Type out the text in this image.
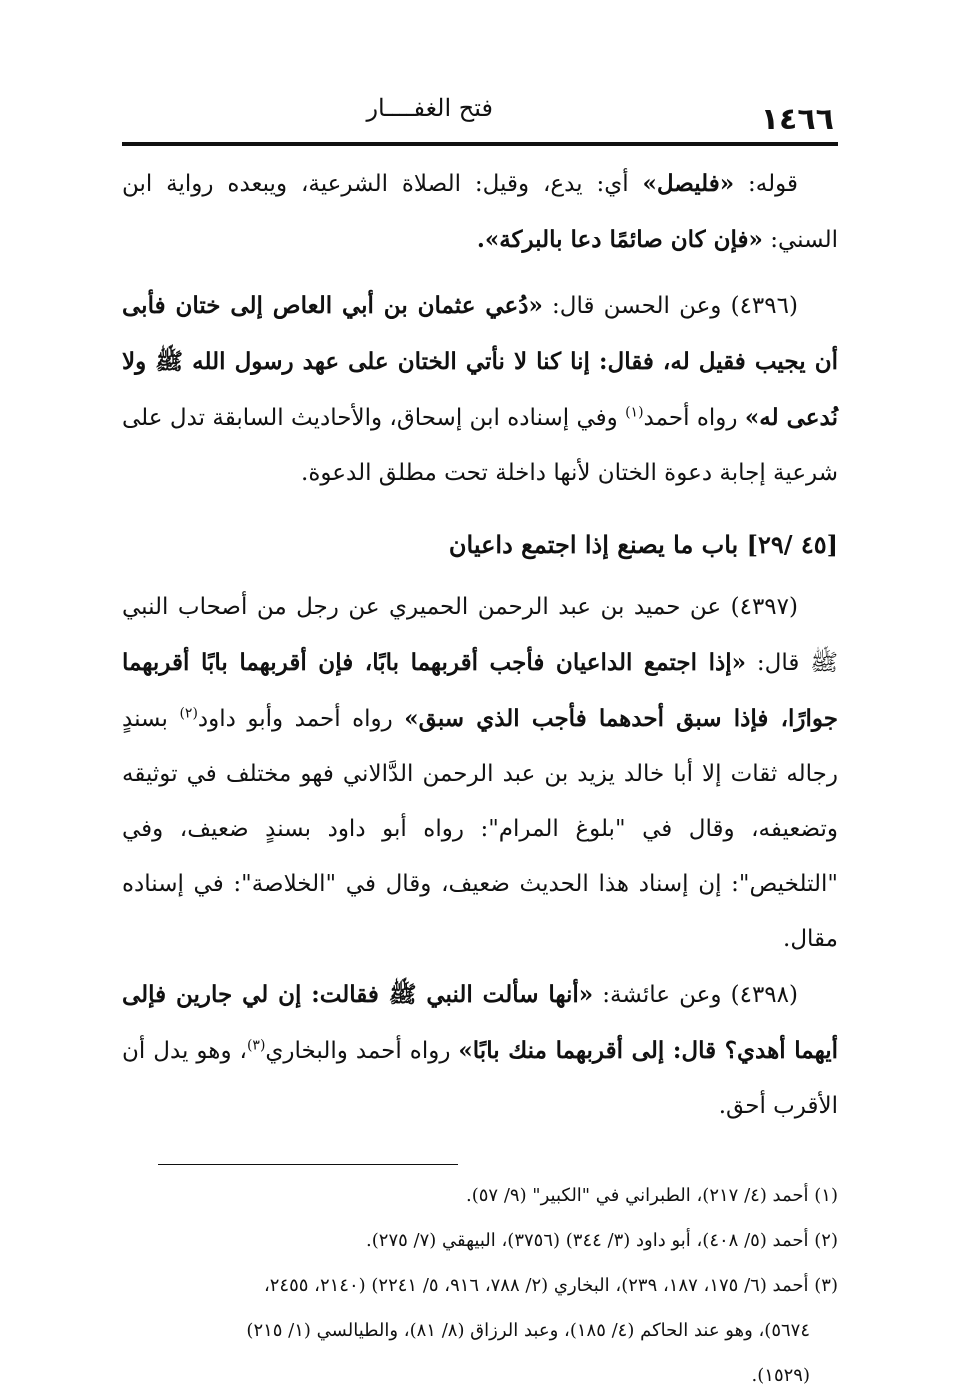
١٤٦٦
فتح الغفــــار

قوله: «فليصل» أي: يدع، وقيل: الصلاة الشرعية، ويبعده رواية ابن السني: «فإن كان صائمًا دعا بالبركة».

(٤٣٩٦) وعن الحسن قال: «دُعي عثمان بن أبي العاص إلى ختان فأبى أن يجيب فقيل له، فقال: إنا كنا لا نأتي الختان على عهد رسول الله ﷺ ولا نُدعى له» رواه أحمد$^{(١)}$ وفي إسناده ابن إسحاق، والأحاديث السابقة تدل على شرعية إجابة دعوة الختان لأنها داخلة تحت مطلق الدعوة.

[٤٥ /٢٩] باب ما يصنع إذا اجتمع داعيان

(٤٣٩٧) عن حميد بن عبد الرحمن الحميري عن رجل من أصحاب النبي ﷺ قال: «إذا اجتمع الداعيان فأجب أقربهما بابًا، فإن أقربهما بابًا أقربهما جوارًا، فإذا سبق أحدهما فأجب الذي سبق» رواه أحمد وأبو داود$^{(٢)}$ بسندٍ رجاله ثقات إلا أبا خالد يزيد بن عبد الرحمن الدَّالاني فهو مختلف في توثيقه وتضعيفه، وقال في "بلوغ المرام": رواه أبو داود بسندٍ ضعيف، وفي "التلخيص": إن إسناد هذا الحديث ضعيف، وقال في "الخلاصة": في إسناده مقال.

(٤٣٩٨) وعن عائشة: «أنها سألت النبي ﷺ فقالت: إن لي جارين فإلى أيهما أهدي؟ قال: إلى أقربهما منك بابًا» رواه أحمد والبخاري$^{(٣)}$، وهو يدل أن الأقرب أحق.

(١) أحمد (٤/ ٢١٧)، الطبراني في "الكبير" (٩/ ٥٧).

(٢) أحمد (٥/ ٤٠٨)، أبو داود (٣/ ٣٤٤) (٣٧٥٦)، البيهقي (٧/ ٢٧٥).

(٣) أحمد (٦/ ١٧٥، ١٨٧، ٢٣٩)، البخاري (٢/ ٧٨٨، ٩١٦، ٥/ ٢٢٤١) (٢١٤٠، ٢٤٥٥،

٥٦٧٤)، وهو عند الحاكم (٤/ ١٨٥)، وعبد الرزاق (٨/ ٨١)، والطيالسي (١/ ٢١٥)

(١٥٢٩).
